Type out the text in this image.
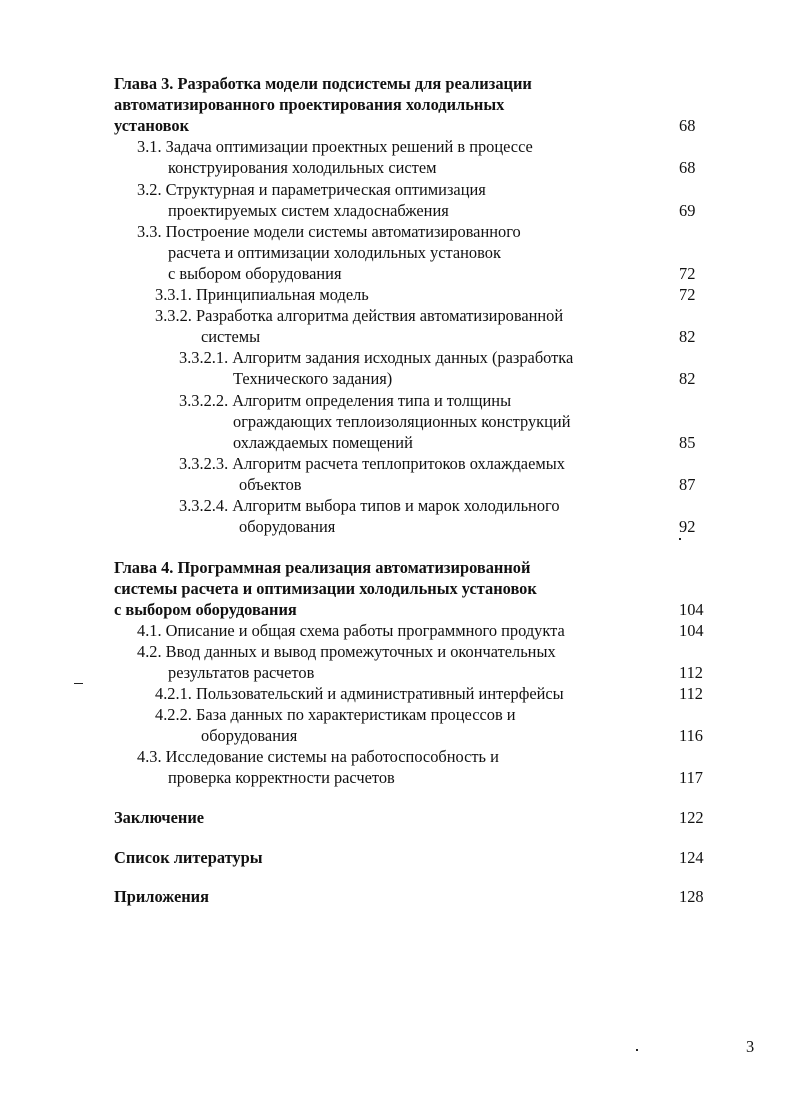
Глава 3. Разработка модели подсистемы для реализации
автоматизированного проектирования холодильных
установок	68
3.1. Задача оптимизации проектных решений в процессе
конструирования холодильных систем	68
3.2. Структурная и параметрическая оптимизация
проектируемых систем хладоснабжения	69
3.3. Построение модели системы автоматизированного
расчета и оптимизации холодильных установок
с выбором оборудования	72
3.3.1. Принципиальная модель	72
3.3.2. Разработка алгоритма действия автоматизированной
системы	82
3.3.2.1. Алгоритм задания исходных данных (разработка
Технического задания)	82
3.3.2.2. Алгоритм определения типа и толщины
ограждающих теплоизоляционных конструкций
охлаждаемых помещений	85
3.3.2.3. Алгоритм расчета теплопритоков охлаждаемых
объектов	87
3.3.2.4. Алгоритм выбора типов и марок холодильного
оборудования	92
Глава 4. Программная реализация автоматизированной
системы расчета и оптимизации холодильных установок
с выбором оборудования	104
4.1. Описание и общая схема работы программного продукта	104
4.2. Ввод данных и вывод промежуточных и окончательных
результатов расчетов	112
4.2.1. Пользовательский и административный интерфейсы	112
4.2.2. База данных по характеристикам процессов и
оборудования	116
4.3. Исследование системы на работоспособность и
проверка корректности расчетов	117
Заключение	122
Список литературы	124
Приложения	128
3
